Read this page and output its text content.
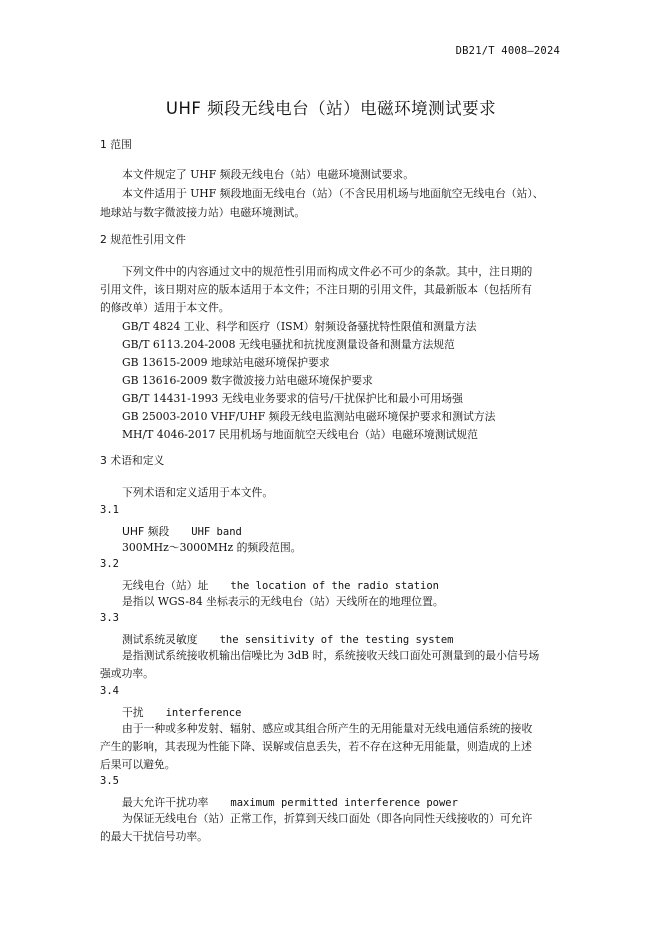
DB21/T 4008—2024
UHF 频段无线电台（站）电磁环境测试要求
1 范围
本文件规定了 UHF 频段无线电台（站）电磁环境测试要求。
本文件适用于 UHF 频段地面无线电台（站）（不含民用机场与地面航空无线电台（站）、
地球站与数字微波接力站）电磁环境测试。
2 规范性引用文件
下列文件中的内容通过文中的规范性引用而构成文件必不可少的条款。其中，注日期的
引用文件，该日期对应的版本适用于本文件；不注日期的引用文件，其最新版本（包括所有
的修改单）适用于本文件。
GB/T 4824 工业、科学和医疗（ISM）射频设备骚扰特性限值和测量方法
GB/T 6113.204-2008 无线电骚扰和抗扰度测量设备和测量方法规范
GB 13615-2009 地球站电磁环境保护要求
GB 13616-2009 数字微波接力站电磁环境保护要求
GB/T 14431-1993 无线电业务要求的信号/干扰保护比和最小可用场强
GB 25003-2010 VHF/UHF 频段无线电监测站电磁环境保护要求和测试方法
MH/T 4046-2017 民用机场与地面航空天线电台（站）电磁环境测试规范
3 术语和定义
下列术语和定义适用于本文件。
3.1
UHF 频段 UHF band
300MHz～3000MHz 的频段范围。
3.2
无线电台（站）址 the location of the radio station
是指以 WGS-84 坐标表示的无线电台（站）天线所在的地理位置。
3.3
测试系统灵敏度 the sensitivity of the testing system
是指测试系统接收机输出信噪比为 3dB 时，系统接收天线口面处可测量到的最小信号场
强或功率。
3.4
干扰 interference
由于一种或多种发射、辐射、感应或其组合所产生的无用能量对无线电通信系统的接收
产生的影响，其表现为性能下降、误解或信息丢失，若不存在这种无用能量，则造成的上述
后果可以避免。
3.5
最大允许干扰功率 maximum permitted interference power
为保证无线电台（站）正常工作，折算到天线口面处（即各向同性天线接收的）可允许
的最大干扰信号功率。
